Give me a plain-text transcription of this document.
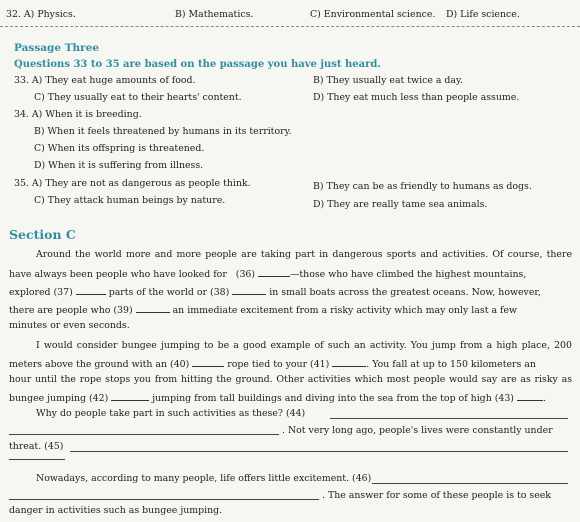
32. A) Physics.	B) Mathematics.	C) Environmental science. D) Life science.
Passage Three
Questions 33 to 35 are based on the passage you have just heard.
33. A) They eat huge amounts of food.	B) They usually eat twice a day.
C) They usually eat to their hearts' content.	D) They eat much less than people assume.
34. A) When it is breeding.
B) When it feels threatened by humans in its territory.
C) When its offspring is threatened.
D) When it is suffering from illness.
35. A) They are not as dangerous as people think.	B) They can be as friendly to humans as dogs.
C) They attack human beings by nature.	D) They are really tame sea animals.
Section C
Around the world more and more people are taking part in dangerous sports and activities. Of course, there
have always been people who have looked for (36)	—those who have climbed the highest mountains,
explored (37)	parts of the world or (38)	in small boats across the greatest oceans. Now, however,
there are people who (39)	an immediate excitement from a risky activity which may only last a few
minutes or even seconds.
I would consider bungee jumping to be a good example of such an activity. You jump from a high place, 200
meters above the ground with an (40)	rope tied to your (41)	. You fall at up to 150 kilometers an
hour until the rope stops you from hitting the ground. Other activities which most people would say are as risky as
bungee jumping (42)	jumping from tall buildings and diving into the sea from the top of high (43)	.
Why do people take part in such activities as these? (44)
. Not very long ago, people's lives were constantly under
threat. (45)
Nowadays, according to many people, life offers little excitement. (46)
. The answer for some of these people is to seek
danger in activities such as bungee jumping.
